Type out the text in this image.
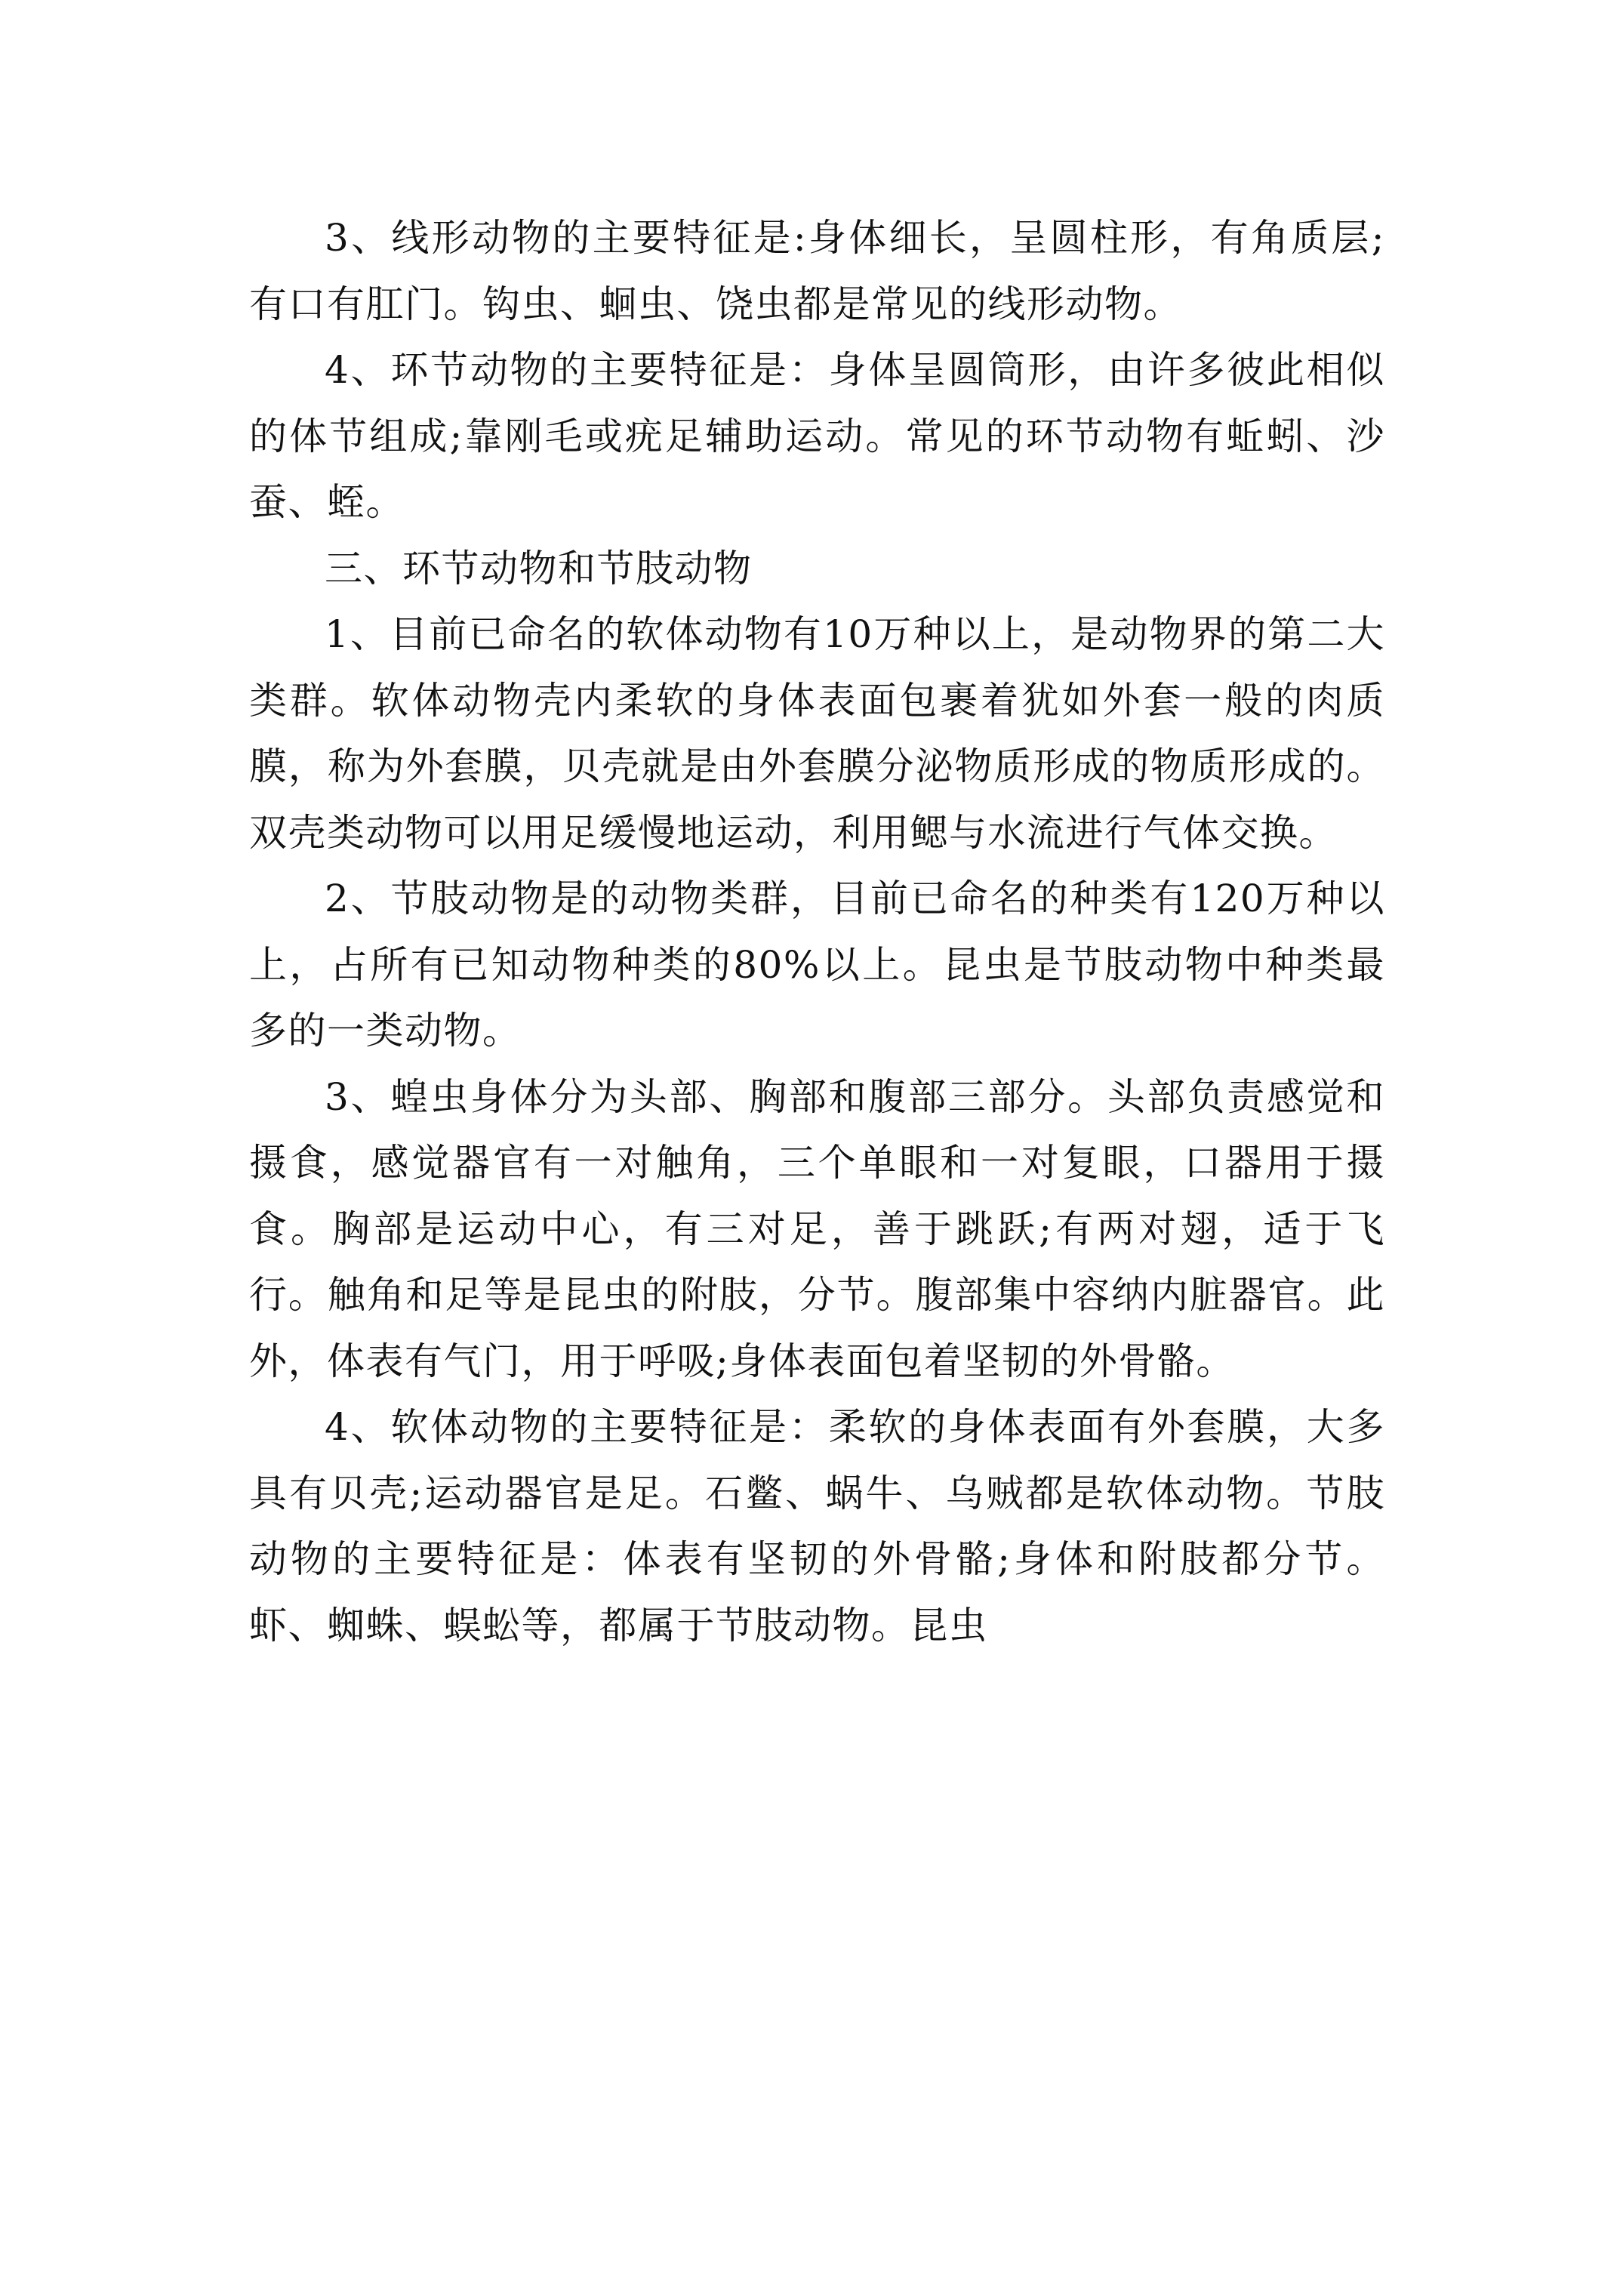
3、线形动物的主要特征是:身体细长，呈圆柱形，有角质层;有口有肛门。钩虫、蛔虫、饶虫都是常见的线形动物。

4、环节动物的主要特征是：身体呈圆筒形，由许多彼此相似的体节组成;靠刚毛或疣足辅助运动。常见的环节动物有蚯蚓、沙蚕、蛭。

三、环节动物和节肢动物

1、目前已命名的软体动物有10万种以上，是动物界的第二大类群。软体动物壳内柔软的身体表面包裹着犹如外套一般的肉质膜，称为外套膜，贝壳就是由外套膜分泌物质形成的物质形成的。双壳类动物可以用足缓慢地运动，利用鳃与水流进行气体交换。

2、节肢动物是的动物类群，目前已命名的种类有120万种以上，占所有已知动物种类的80%以上。昆虫是节肢动物中种类最多的一类动物。

3、蝗虫身体分为头部、胸部和腹部三部分。头部负责感觉和摄食，感觉器官有一对触角，三个单眼和一对复眼，口器用于摄食。胸部是运动中心，有三对足，善于跳跃;有两对翅，适于飞行。触角和足等是昆虫的附肢，分节。腹部集中容纳内脏器官。此外，体表有气门，用于呼吸;身体表面包着坚韧的外骨骼。

4、软体动物的主要特征是：柔软的身体表面有外套膜，大多具有贝壳;运动器官是足。石鳖、蜗牛、乌贼都是软体动物。节肢动物的主要特征是：体表有坚韧的外骨骼;身体和附肢都分节。虾、蜘蛛、蜈蚣等，都属于节肢动物。昆虫
